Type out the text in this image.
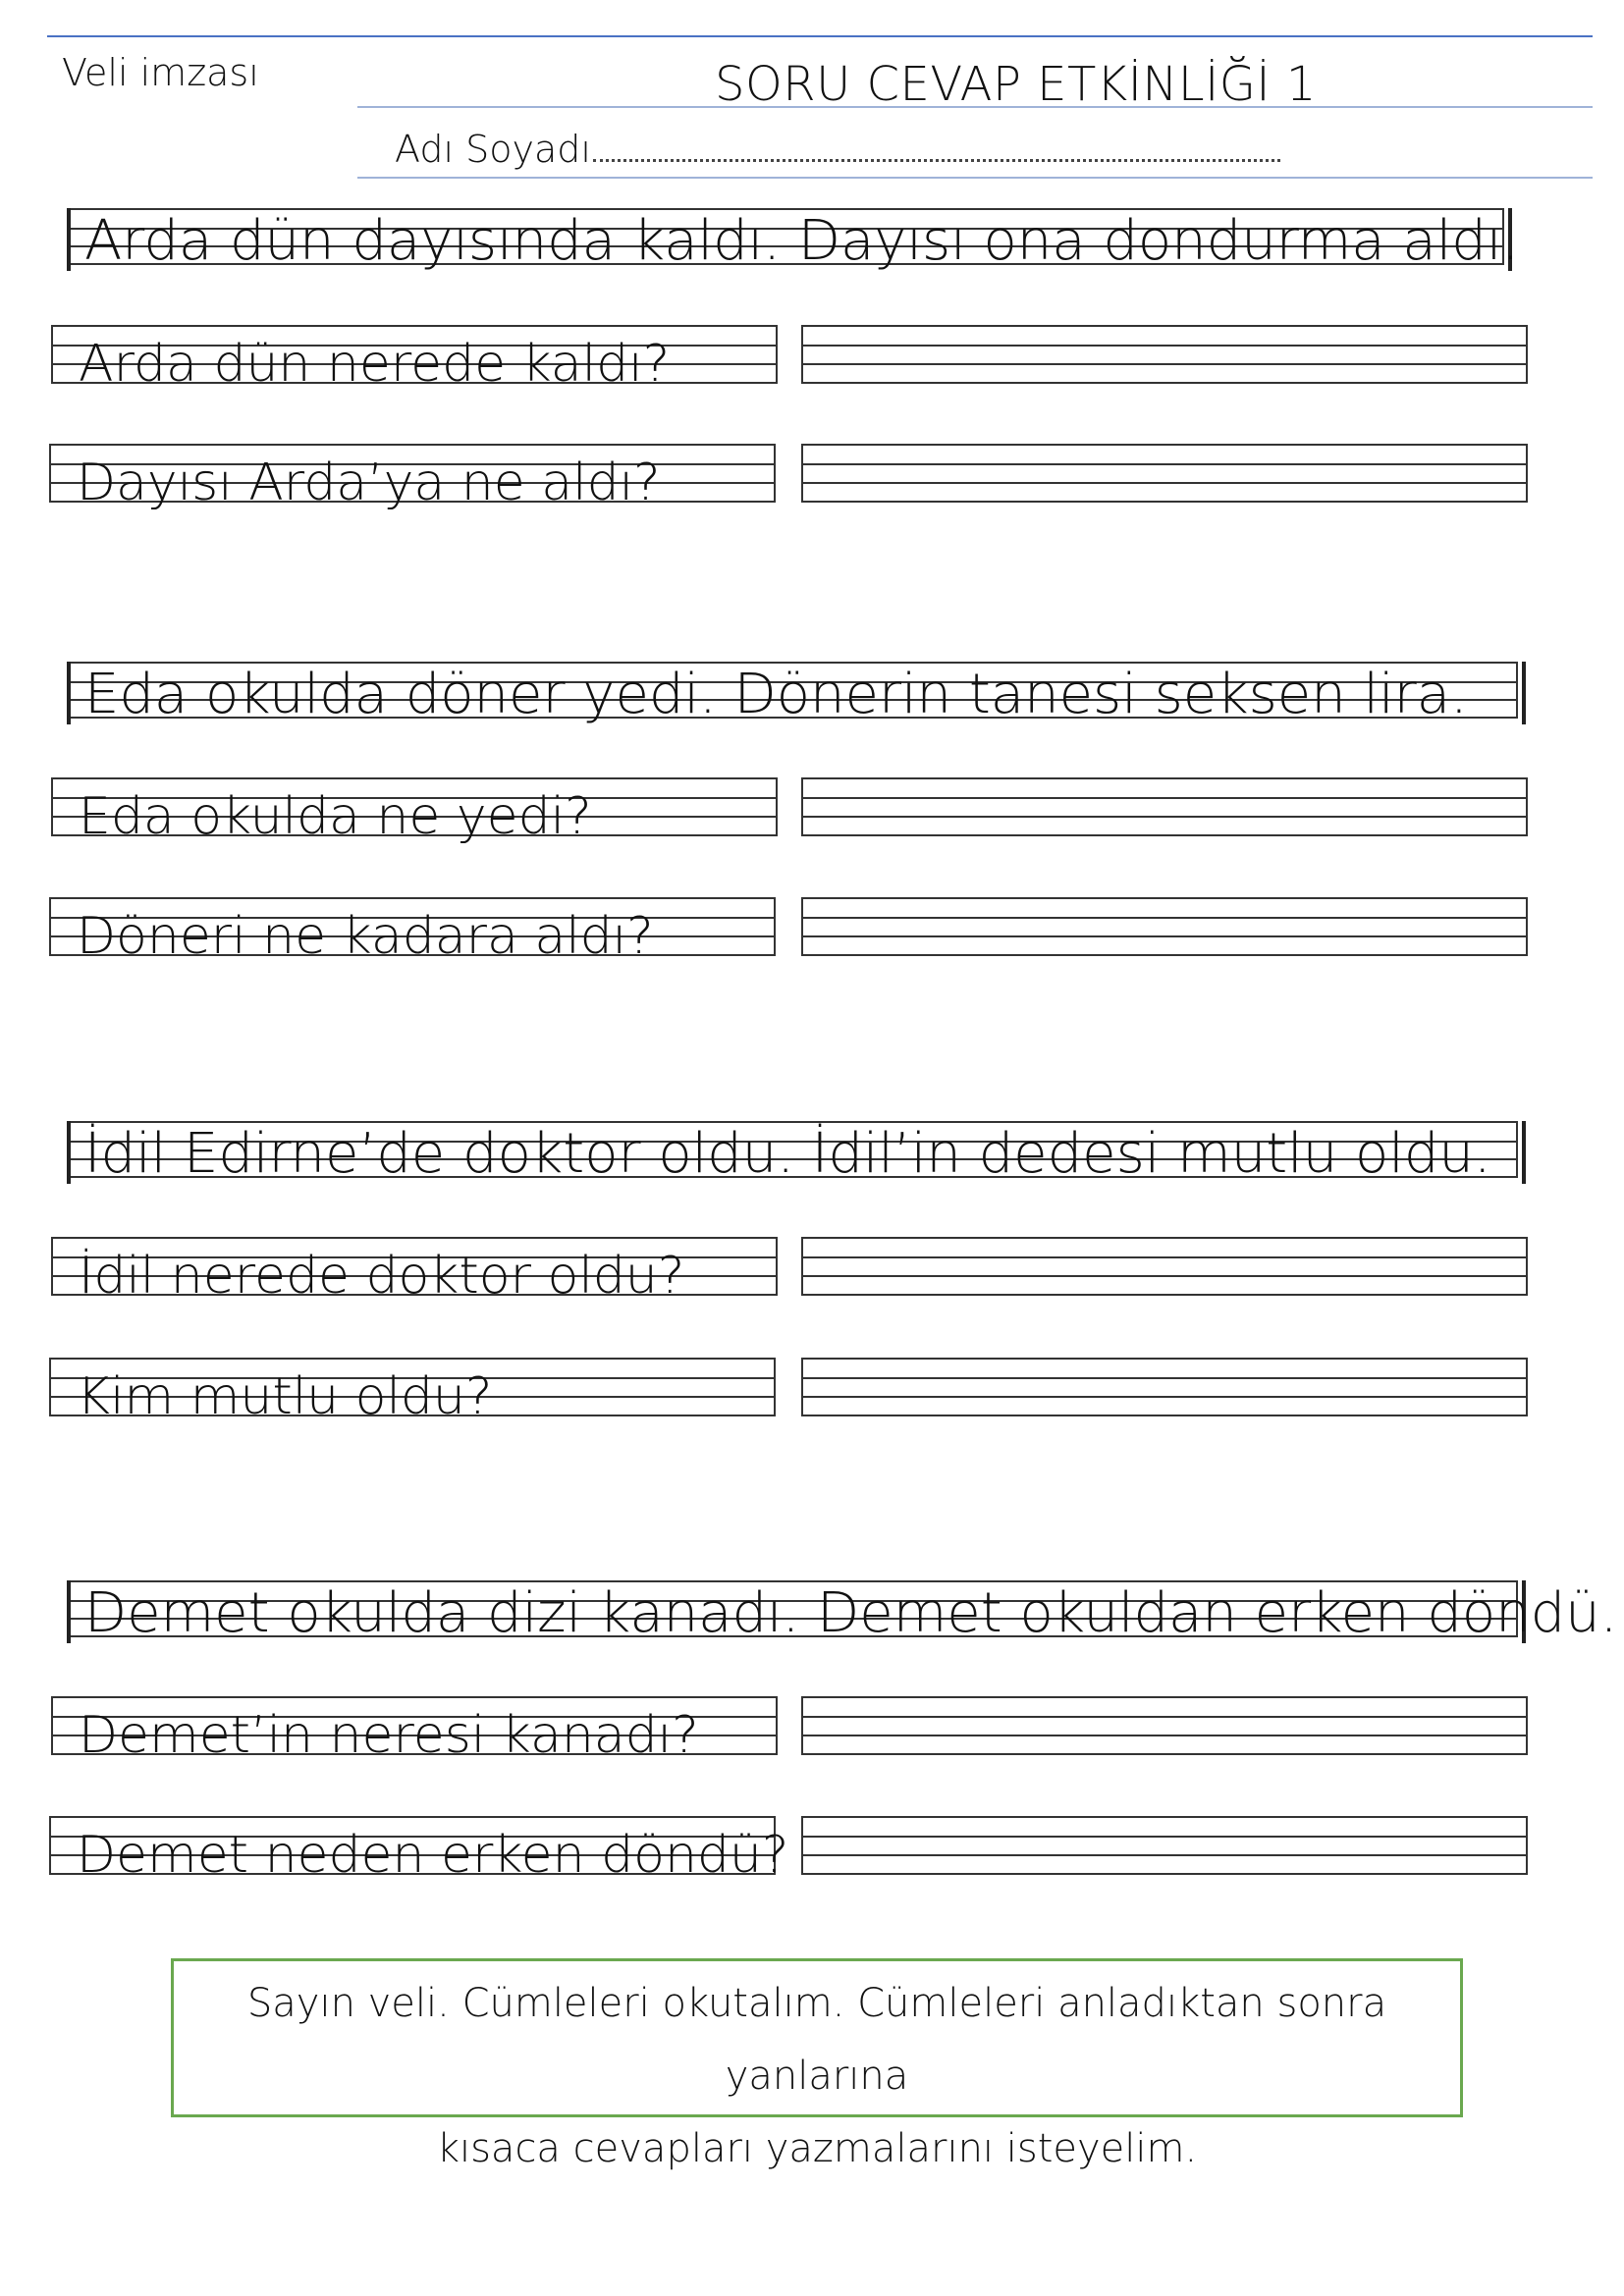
Veli imzası	SORU CEVAP ETKİNLİĞİ 1
Adı Soyadı
Arda dün dayısında kaldı. Dayısı ona dondurma aldı.
Arda dün nerede kaldı?
Dayısı Arda’ya ne aldı?
Eda okulda döner yedi. Dönerin tanesi seksen lira.
Eda okulda ne yedi?
Döneri ne kadara aldı?
İdil Edirne’de doktor oldu. İdil’in dedesi mutlu oldu.
İdil nerede doktor oldu?
Kim mutlu oldu?
Demet okulda dizi kanadı. Demet okuldan erken döndü.
Demet’in neresi kanadı?
Demet neden erken döndü?
Sayın veli. Cümleleri okutalım. Cümleleri anladıktan sonra yanlarına
kısaca cevapları yazmalarını isteyelim.
